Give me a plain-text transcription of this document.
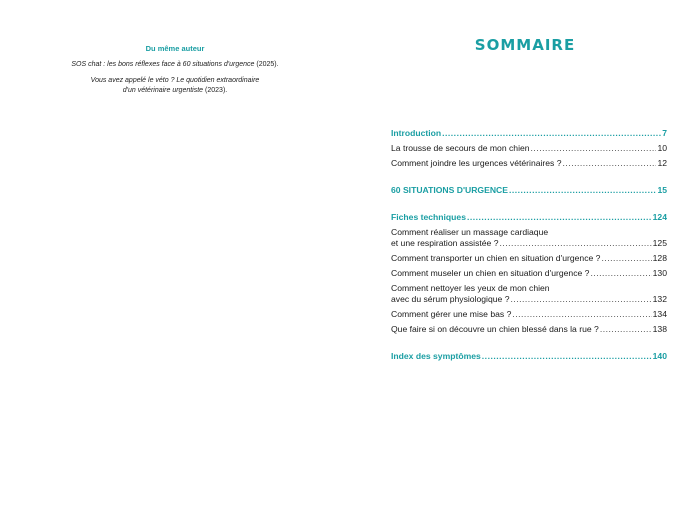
Du même auteur
SOS chat : les bons réflexes face à 60 situations d'urgence (2025).
Vous avez appelé le véto ? Le quotidien extraordinaire
d'un vétérinaire urgentiste (2023).
SOMMAIRE
Introduction .....	7
La trousse de secours de mon chien .....	10
Comment joindre les urgences vétérinaires ? .....	12
60 SITUATIONS D'URGENCE .....	15
Fiches techniques .....	124
Comment réaliser un massage cardiaque
et une respiration assistée ? .....	125
Comment transporter un chien en situation d'urgence ? .....	128
Comment museler un chien en situation d'urgence ? .....	130
Comment nettoyer les yeux de mon chien
avec du sérum physiologique ? .....	132
Comment gérer une mise bas ? .....	134
Que faire si on découvre un chien blessé dans la rue ? .....	138
Index des symptômes .....	140
